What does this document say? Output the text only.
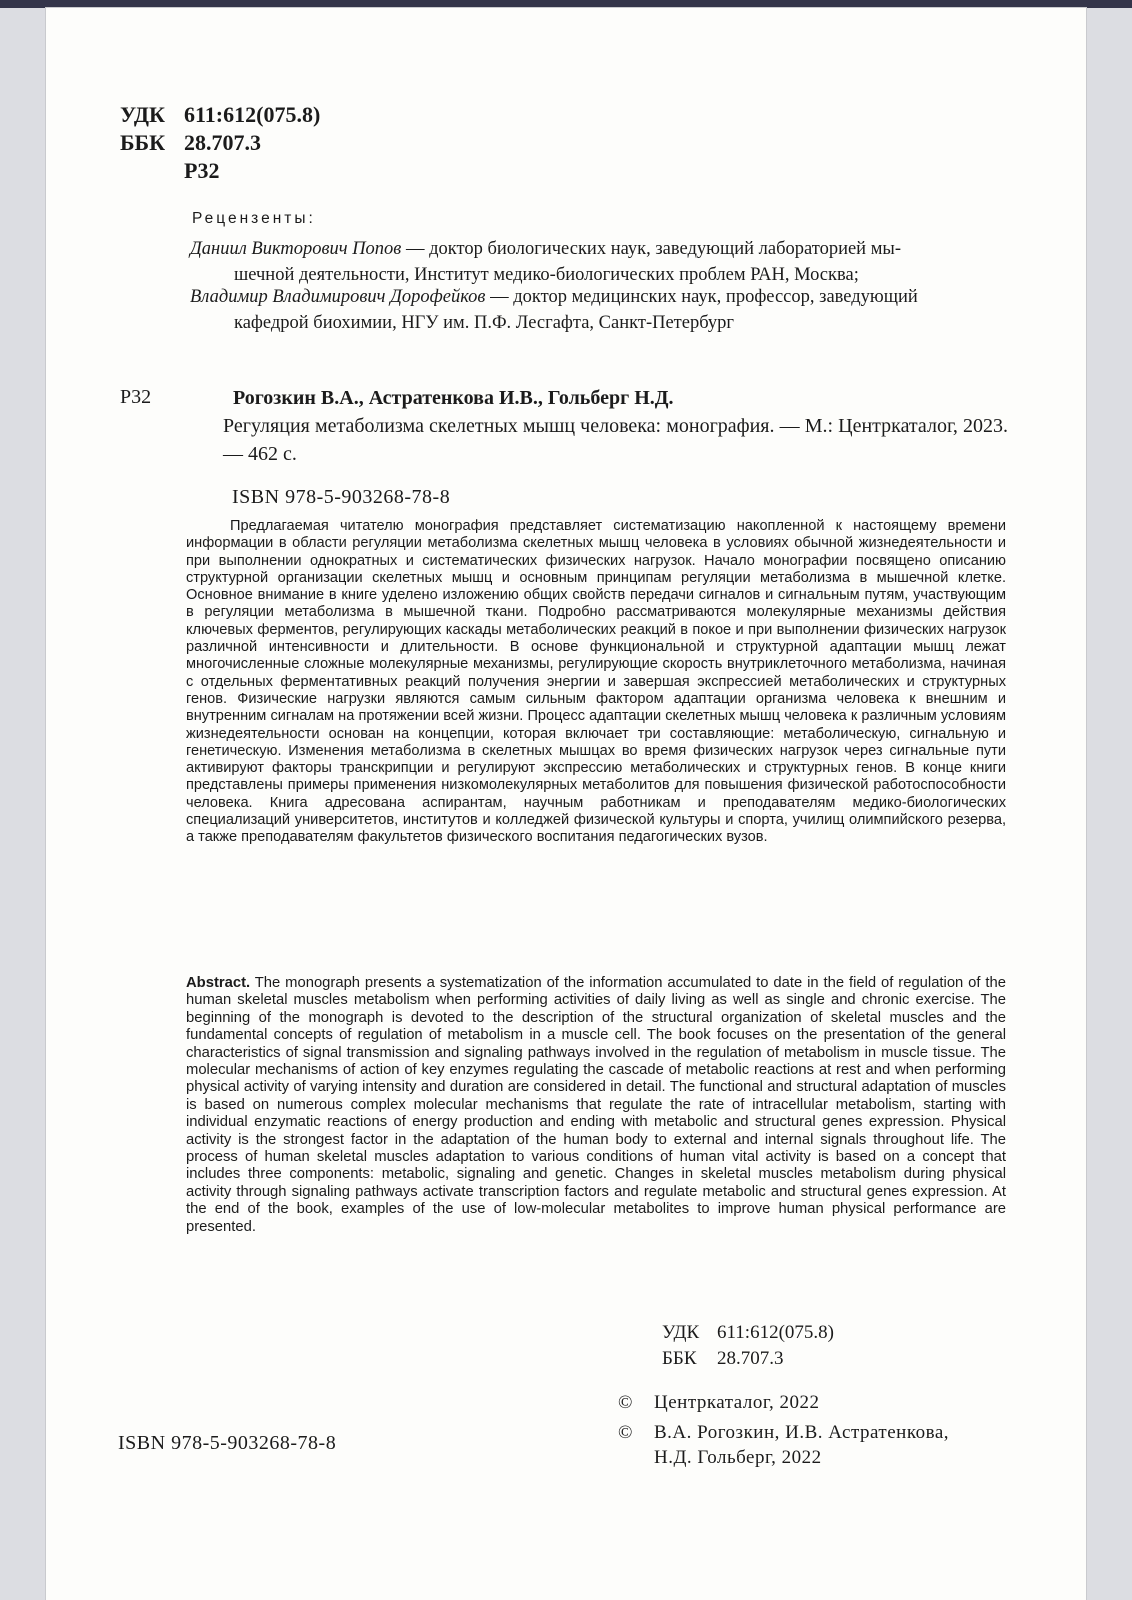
УДК 611:612(075.8)
ББК 28.707.3
Р32
Рецензенты:
Даниил Викторович Попов — доктор биологических наук, заведующий лабораторией мы-
шечной деятельности, Институт медико-биологических проблем РАН, Москва;
Владимир Владимирович Дорофейков — доктор медицинских наук, профессор, заведующий
кафедрой биохимии, НГУ им. П.Ф. Лесгафта, Санкт-Петербург
Р32	Рогозкин В.А., Астратенкова И.В., Гольберг Н.Д.
Регуляция метаболизма скелетных мышц человека: монография. — М.: Центркаталог, 2023. — 462 с.
ISBN 978-5-903268-78-8

Предлагаемая читателю монография представляет систематизацию накопленной к настоящему времени информации в области регуляции метаболизма скелетных мышц человека в условиях обычной жизнедеятельности и при выполнении однократных и систематических физических нагрузок. Начало монографии посвящено описанию структурной организации скелетных мышц и основным принципам регуляции метаболизма в мышечной клетке. Основное внимание в книге уделено изложению общих свойств передачи сигналов и сигнальным путям, участвующим в регуляции метаболизма в мышечной ткани. Подробно рассматриваются молекулярные механизмы действия ключевых ферментов, регулирующих каскады метаболических реакций в покое и при выполнении физических нагрузок различной интенсивности и длительности. В основе функциональной и структурной адаптации мышц лежат многочисленные сложные молекулярные механизмы, регулирующие скорость внутриклеточного метаболизма, начиная с отдельных ферментативных реакций получения энергии и завершая экспрессией метаболических и структурных генов. Физические нагрузки являются самым сильным фактором адаптации организма человека к внешним и внутренним сигналам на протяжении всей жизни. Процесс адаптации скелетных мышц человека к различным условиям жизнедеятельности основан на концепции, которая включает три составляющие: метаболическую, сигнальную и генетическую. Изменения метаболизма в скелетных мышцах во время физических нагрузок через сигнальные пути активируют факторы транскрипции и регулируют экспрессию метаболических и структурных генов. В конце книги представлены примеры применения низкомолекулярных метаболитов для повышения физической работоспособности человека. Книга адресована аспирантам, научным работникам и преподавателям медико-биологических специализаций университетов, институтов и колледжей физической культуры и спорта, училищ олимпийского резерва, а также преподавателям факультетов физического воспитания педагогических вузов.

Abstract. The monograph presents a systematization of the information accumulated to date in the field of regulation of the human skeletal muscles metabolism when performing activities of daily living as well as single and chronic exercise. The beginning of the monograph is devoted to the description of the structural organization of skeletal muscles and the fundamental concepts of regulation of metabolism in a muscle cell. The book focuses on the presentation of the general characteristics of signal transmission and signaling pathways involved in the regulation of metabolism in muscle tissue. The molecular mechanisms of action of key enzymes regulating the cascade of metabolic reactions at rest and when performing physical activity of varying intensity and duration are considered in detail. The functional and structural adaptation of muscles is based on numerous complex molecular mechanisms that regulate the rate of intracellular metabolism, starting with individual enzymatic reactions of energy production and ending with metabolic and structural genes expression. Physical activity is the strongest factor in the adaptation of the human body to external and internal signals throughout life. The process of human skeletal muscles adaptation to various conditions of human vital activity is based on a concept that includes three components: metabolic, signaling and genetic. Changes in skeletal muscles metabolism during physical activity through signaling pathways activate transcription factors and regulate metabolic and structural genes expression. At the end of the book, examples of the use of low-molecular metabolites to improve human physical performance are presented.
УДК 611:612(075.8)
ББК	28.707.3
© Центркаталог, 2022
© В.А. Рогозкин, И.В. Астратенкова,
Н.Д. Гольберг, 2022
ISBN 978-5-903268-78-8
